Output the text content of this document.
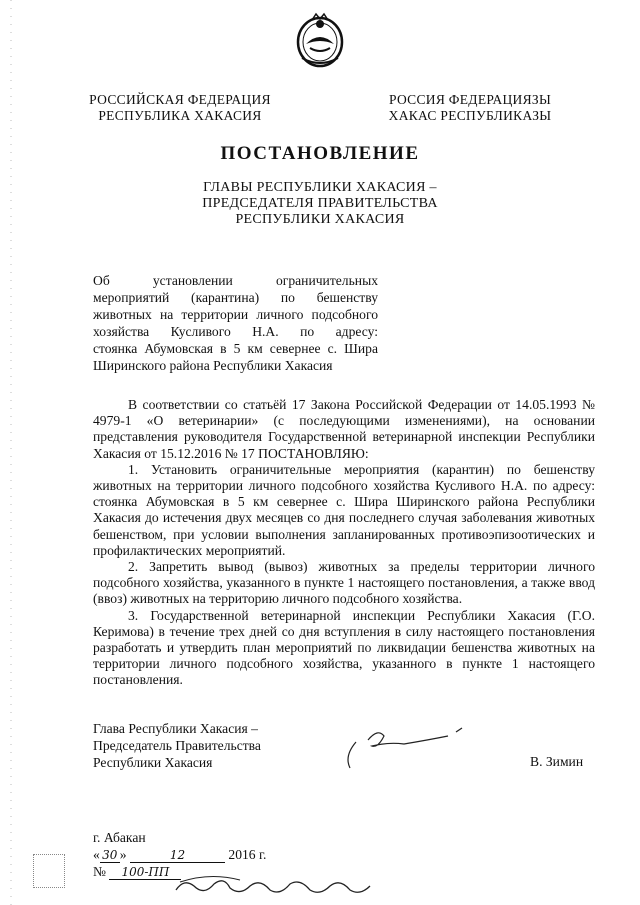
РОССИЙСКАЯ ФЕДЕРАЦИЯ
РЕСПУБЛИКА ХАКАСИЯ
РОССИЯ ФЕДЕРАЦИЯЗЫ
ХАКАС РЕСПУБЛИКАЗЫ
ПОСТАНОВЛЕНИЕ
ГЛАВЫ РЕСПУБЛИКИ ХАКАСИЯ –
ПРЕДСЕДАТЕЛЯ ПРАВИТЕЛЬСТВА
РЕСПУБЛИКИ ХАКАСИЯ
Об установлении ограничительных
мероприятий (карантина) по бешенству
животных на территории личного подсобного
хозяйства Кусливого Н.А. по адресу:
стоянка Абумовская в 5 км севернее с. Шира
Ширинского района Республики Хакасия

В соответствии со статьёй 17 Закона Российской Федерации от 14.05.1993 № 4979-1 «О ветеринарии» (с последующими изменениями), на основании представления руководителя Государственной ветеринарной инспекции Республики Хакасия от 15.12.2016 № 17 ПОСТАНОВЛЯЮ:

1. Установить ограничительные мероприятия (карантин) по бешенству животных на территории личного подсобного хозяйства Кусливого Н.А. по адресу: стоянка Абумовская в 5 км севернее с. Шира Ширинского района Республики Хакасия до истечения двух месяцев со дня последнего случая заболевания животных бешенством, при условии выполнения запланированных противоэпизоотических и профилактических мероприятий.

2. Запретить вывод (вывоз) животных за пределы территории личного подсобного хозяйства, указанного в пункте 1 настоящего постановления, а также ввод (ввоз) животных на территорию личного подсобного хозяйства.

3. Государственной ветеринарной инспекции Республики Хакасия (Г.О. Керимова) в течение трех дней со дня вступления в силу настоящего постановления разработать и утвердить план мероприятий по ликвидации бешенства животных на территории личного подсобного хозяйства, указанного в пункте 1 настоящего постановления.

Глава Республики Хакасия –
Председатель Правительства
Республики Хакасия	В. Зимин
г. Абакан
« 30 »	12	2016 г.
№ 100-ПП
